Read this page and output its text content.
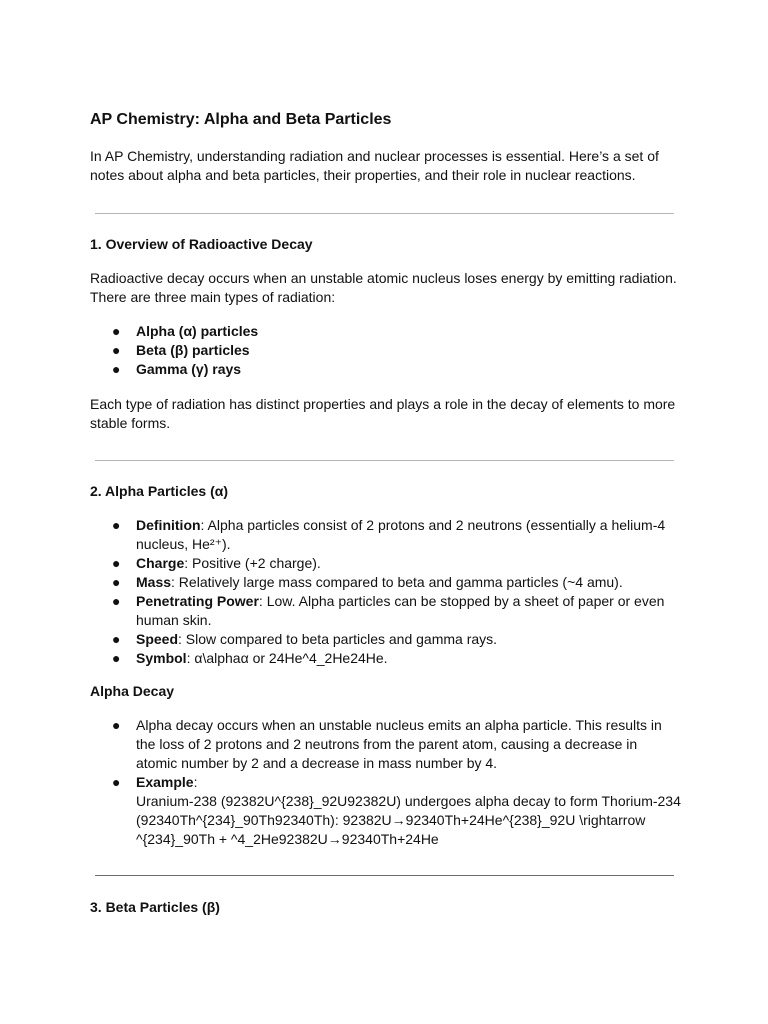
AP Chemistry: Alpha and Beta Particles
In AP Chemistry, understanding radiation and nuclear processes is essential. Here’s a set of notes about alpha and beta particles, their properties, and their role in nuclear reactions.
1. Overview of Radioactive Decay
Radioactive decay occurs when an unstable atomic nucleus loses energy by emitting radiation. There are three main types of radiation:
● Alpha (α) particles
● Beta (β) particles
● Gamma (γ) rays
Each type of radiation has distinct properties and plays a role in the decay of elements to more stable forms.
2. Alpha Particles (α)
● Definition: Alpha particles consist of 2 protons and 2 neutrons (essentially a helium-4 nucleus, He²⁺).
● Charge: Positive (+2 charge).
● Mass: Relatively large mass compared to beta and gamma particles (~4 amu).
● Penetrating Power: Low. Alpha particles can be stopped by a sheet of paper or even human skin.
● Speed: Slow compared to beta particles and gamma rays.
● Symbol: α\alphaα or 24He^4_2He24He.
Alpha Decay
● Alpha decay occurs when an unstable nucleus emits an alpha particle. This results in the loss of 2 protons and 2 neutrons from the parent atom, causing a decrease in atomic number by 2 and a decrease in mass number by 4.
● Example:
Uranium-238 (92382U^{238}_92U92382U) undergoes alpha decay to form Thorium-234 (92340Th^{234}_90Th92340Th): 92382U→92340Th+24He^{238}_92U \rightarrow ^{234}_90Th + ^4_2He92382U→92340Th+24He
3. Beta Particles (β)
